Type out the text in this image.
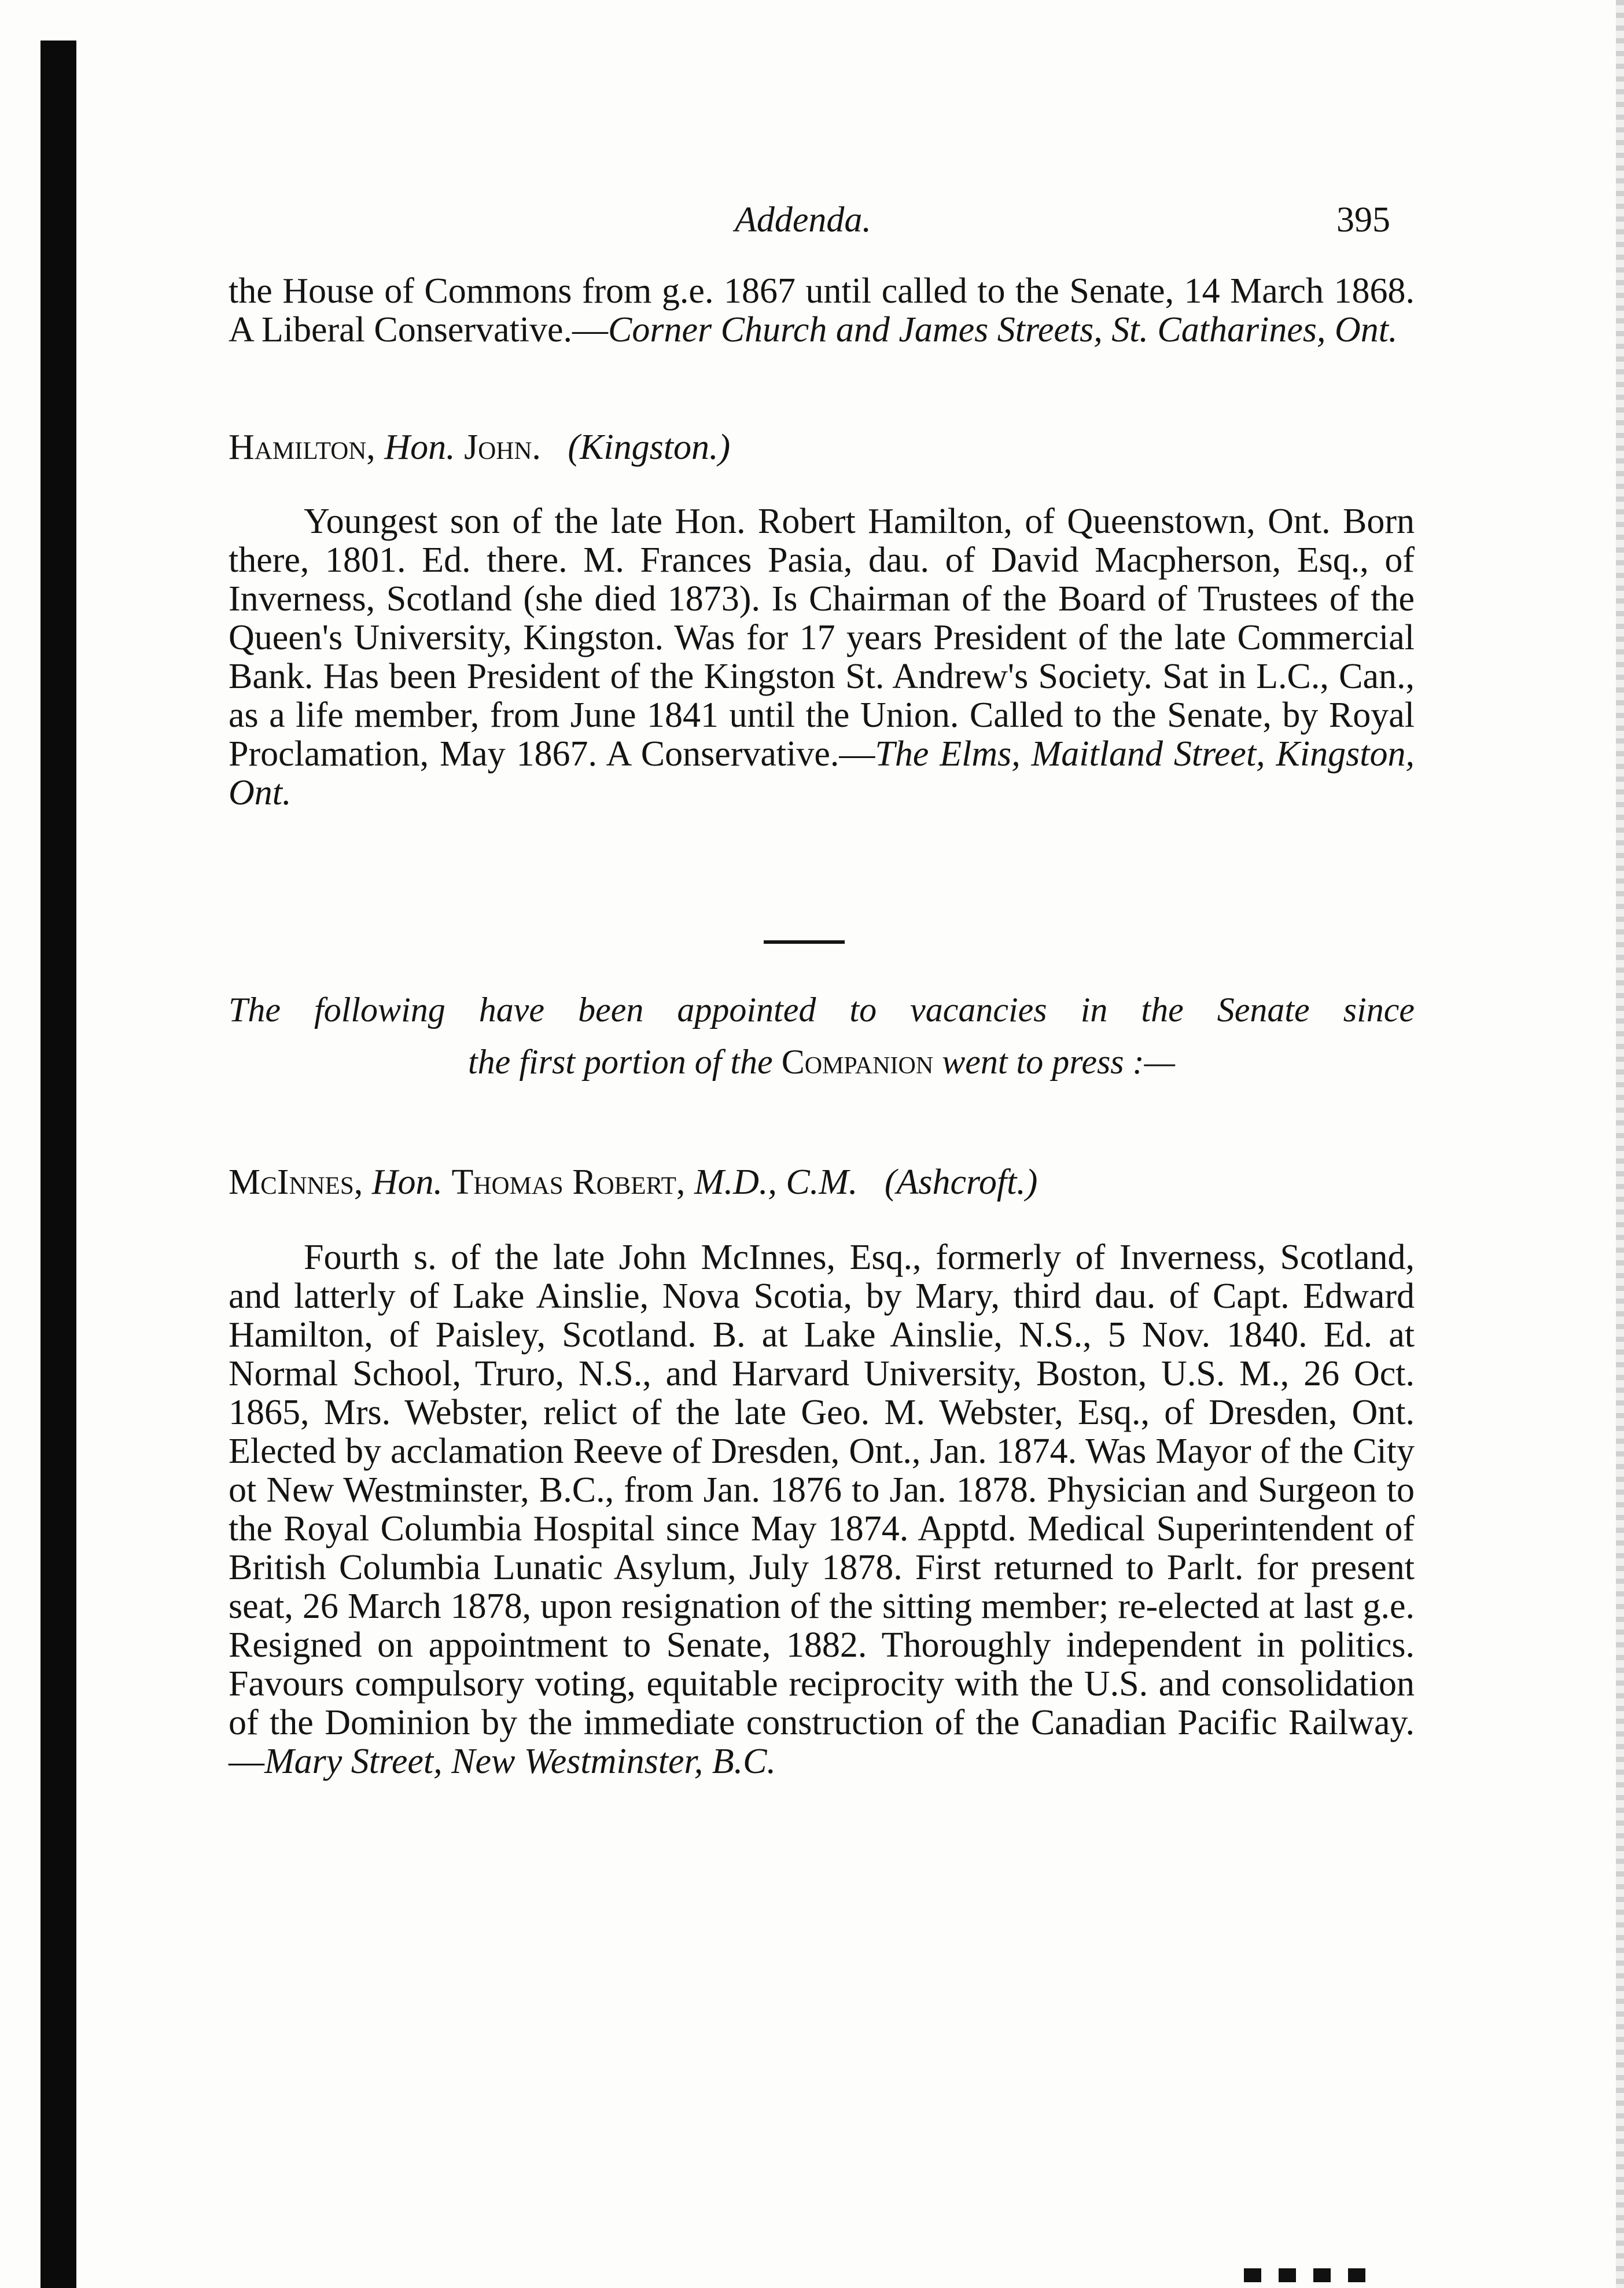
Addenda.	395

the House of Commons from g.e. 1867 until called to the Senate, 14 March 1868. A Liberal Conservative.—Corner Church and James Streets, St. Catharines, Ont.

Hamilton, Hon. John. (Kingston.)

Youngest son of the late Hon. Robert Hamilton, of Queenstown, Ont. Born there, 1801. Ed. there. M. Frances Pasia, dau. of David Macpherson, Esq., of Inverness, Scotland (she died 1873). Is Chairman of the Board of Trustees of the Queen's University, Kingston. Was for 17 years President of the late Commercial Bank. Has been President of the Kingston St. Andrew's Society. Sat in L.C., Can., as a life member, from June 1841 until the Union. Called to the Senate, by Royal Proclamation, May 1867. A Conservative.—The Elms, Maitland Street, Kingston, Ont.

The following have been appointed to vacancies in the Senate since
the first portion of the Companion went to press :—

McInnes, Hon. Thomas Robert, M.D., C.M. (Ashcroft.)

Fourth s. of the late John McInnes, Esq., formerly of Inverness, Scotland, and latterly of Lake Ainslie, Nova Scotia, by Mary, third dau. of Capt. Edward Hamilton, of Paisley, Scotland. B. at Lake Ainslie, N.S., 5 Nov. 1840. Ed. at Normal School, Truro, N.S., and Harvard University, Boston, U.S. M., 26 Oct. 1865, Mrs. Webster, relict of the late Geo. M. Webster, Esq., of Dresden, Ont. Elected by acclamation Reeve of Dresden, Ont., Jan. 1874. Was Mayor of the City ot New Westminster, B.C., from Jan. 1876 to Jan. 1878. Physician and Surgeon to the Royal Columbia Hospital since May 1874. Apptd. Medical Superintendent of British Columbia Lunatic Asylum, July 1878. First returned to Parlt. for present seat, 26 March 1878, upon resignation of the sitting member; re-elected at last g.e. Resigned on appointment to Senate, 1882. Thoroughly independent in politics. Favours compulsory voting, equitable reciprocity with the U.S. and consolidation of the Dominion by the immediate construction of the Canadian Pacific Railway.—Mary Street, New Westminster, B.C.
